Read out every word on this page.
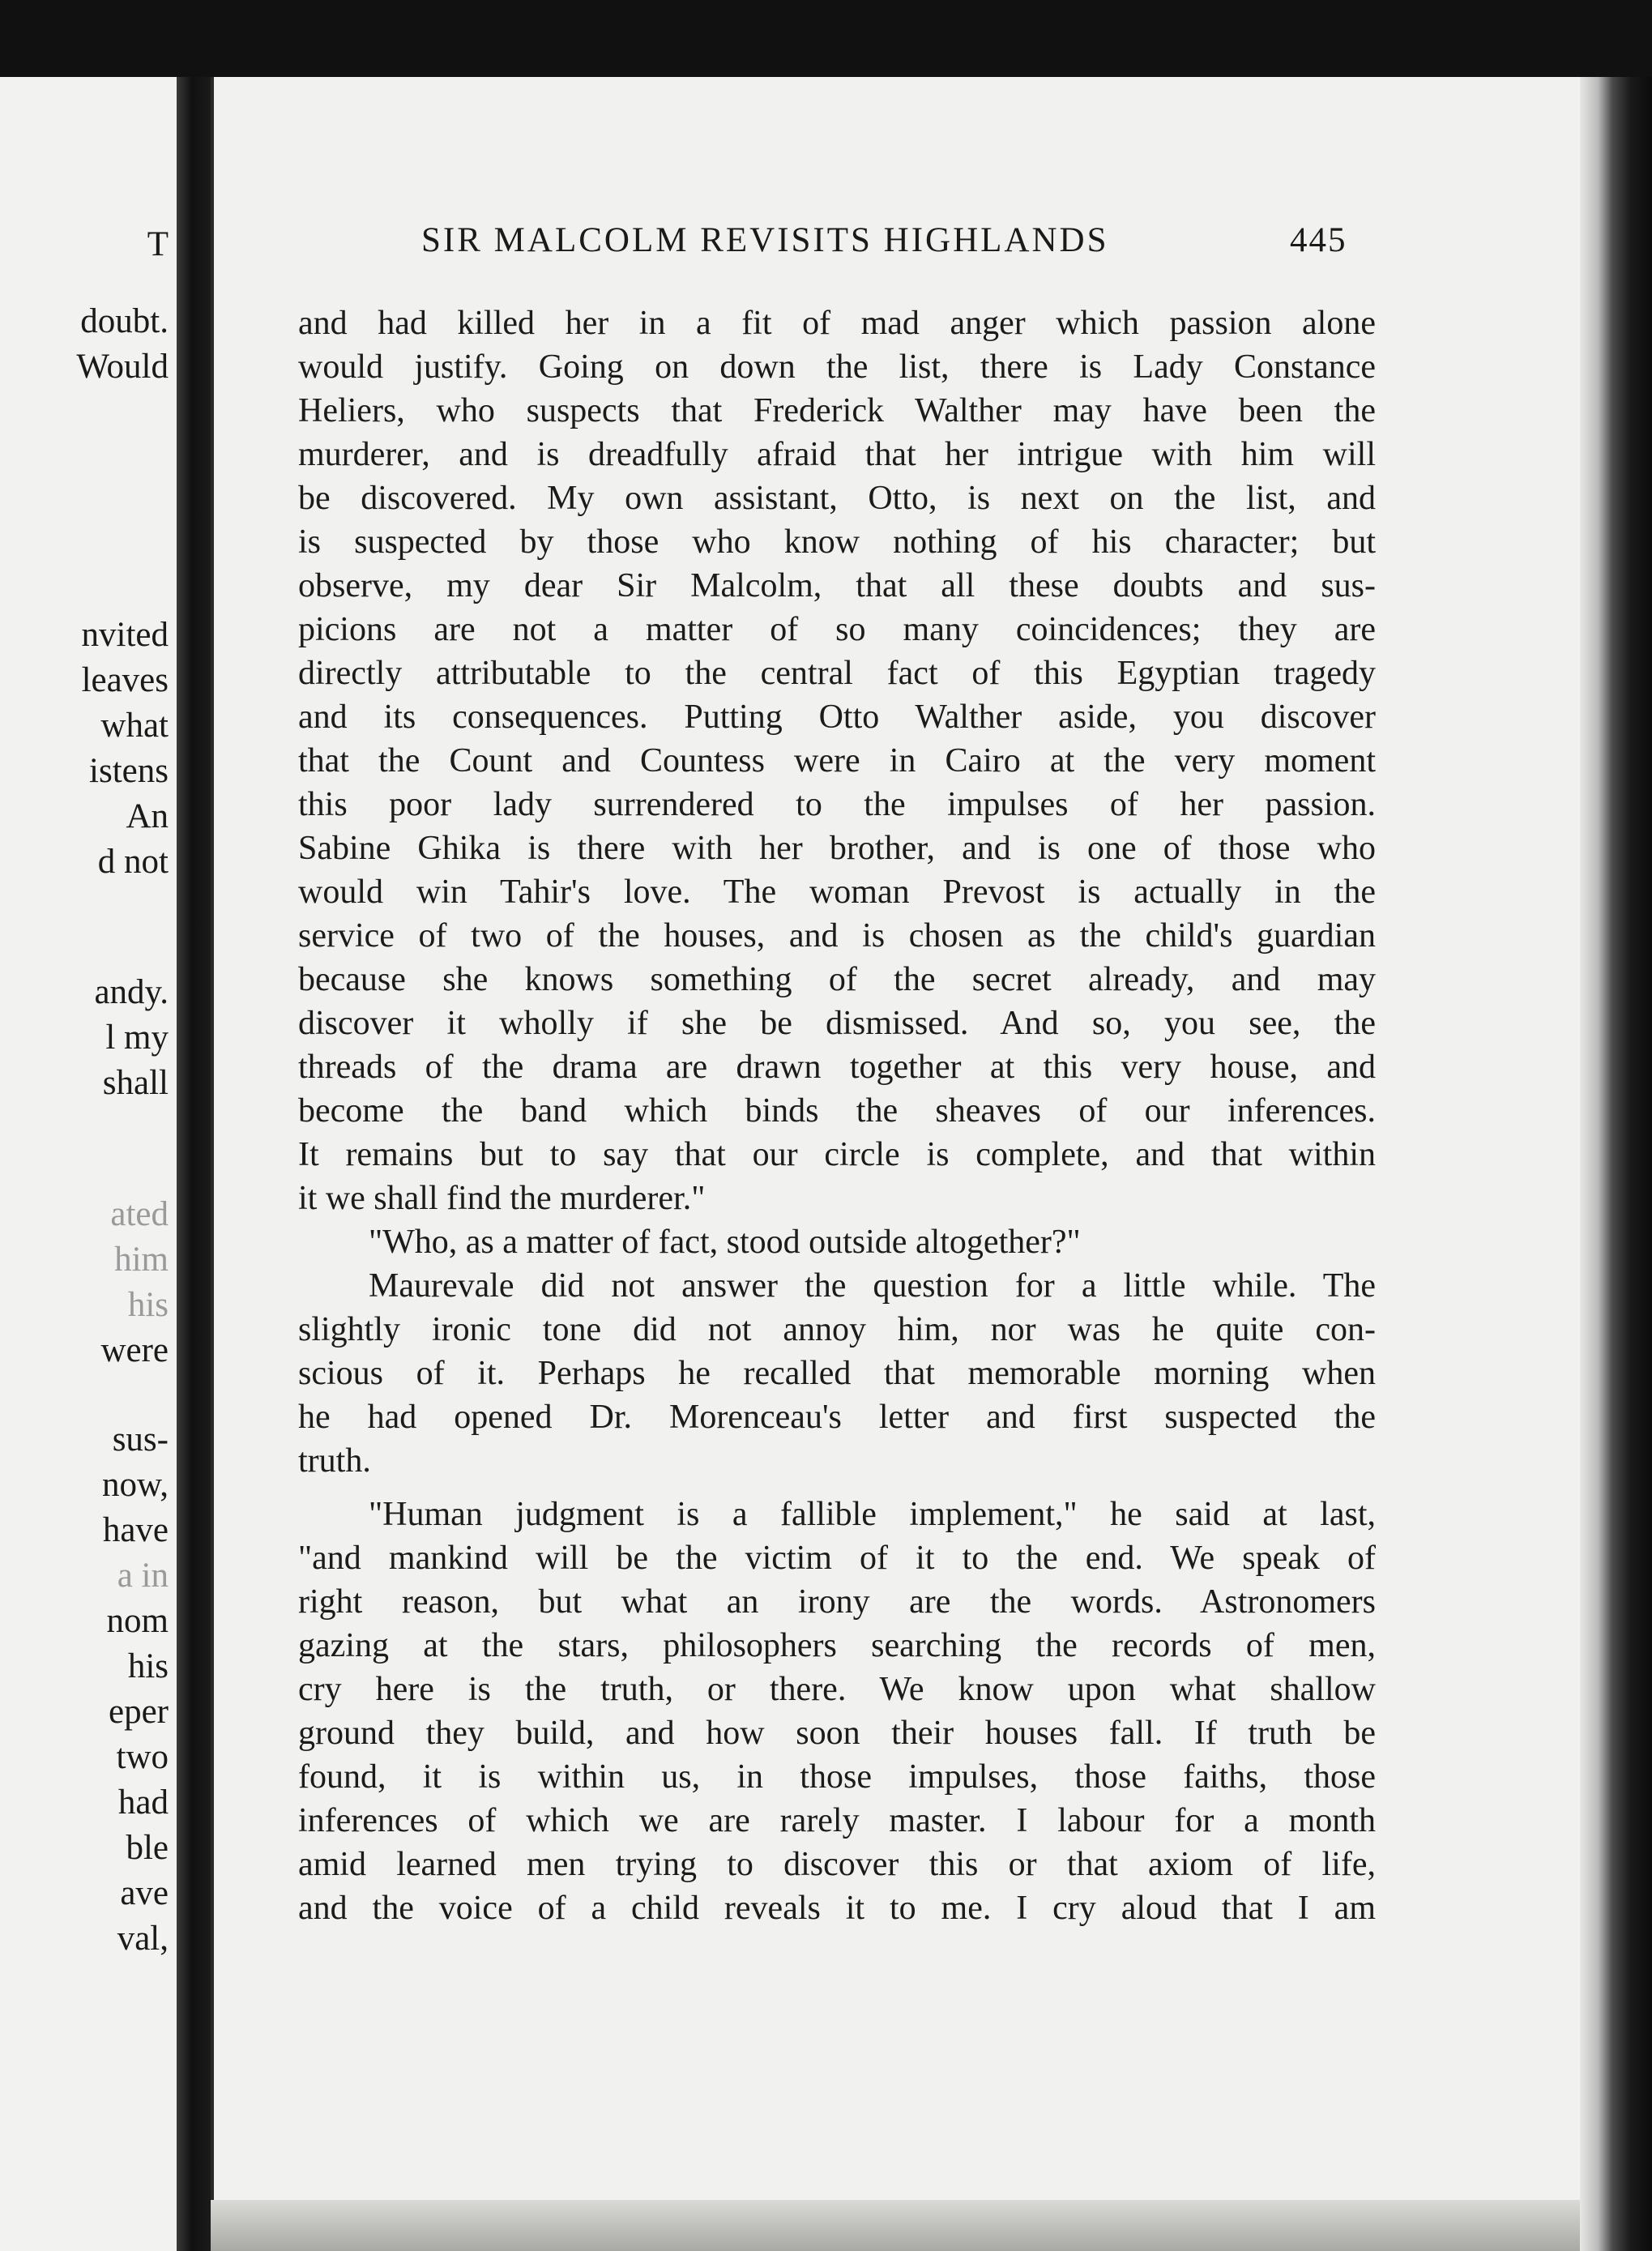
T
doubt.
Would
nvited
leaves
what
istens
An
d not
andy.
l my
shall
ated
him
his
were
sus-
now,
have
a in
nom
his
eper
two
had
ble
ave
val,
SIR MALCOLM REVISITS HIGHLANDS	445
and had killed her in a fit of mad anger which passion alone
would justify. Going on down the list, there is Lady Constance
Heliers, who suspects that Frederick Walther may have been the
murderer, and is dreadfully afraid that her intrigue with him will
be discovered. My own assistant, Otto, is next on the list, and
is suspected by those who know nothing of his character; but
observe, my dear Sir Malcolm, that all these doubts and sus-
picions are not a matter of so many coincidences; they are
directly attributable to the central fact of this Egyptian tragedy
and its consequences. Putting Otto Walther aside, you discover
that the Count and Countess were in Cairo at the very moment
this poor lady surrendered to the impulses of her passion.
Sabine Ghika is there with her brother, and is one of those who
would win Tahir's love. The woman Prevost is actually in the
service of two of the houses, and is chosen as the child's guardian
because she knows something of the secret already, and may
discover it wholly if she be dismissed. And so, you see, the
threads of the drama are drawn together at this very house, and
become the band which binds the sheaves of our inferences.
It remains but to say that our circle is complete, and that within
it we shall find the murderer."
"Who, as a matter of fact, stood outside altogether?"
Maurevale did not answer the question for a little while. The
slightly ironic tone did not annoy him, nor was he quite con-
scious of it. Perhaps he recalled that memorable morning when
he had opened Dr. Morenceau's letter and first suspected the
truth.
"Human judgment is a fallible implement," he said at last,
"and mankind will be the victim of it to the end. We speak of
right reason, but what an irony are the words. Astronomers
gazing at the stars, philosophers searching the records of men,
cry here is the truth, or there. We know upon what shallow
ground they build, and how soon their houses fall. If truth be
found, it is within us, in those impulses, those faiths, those
inferences of which we are rarely master. I labour for a month
amid learned men trying to discover this or that axiom of life,
and the voice of a child reveals it to me. I cry aloud that I am
